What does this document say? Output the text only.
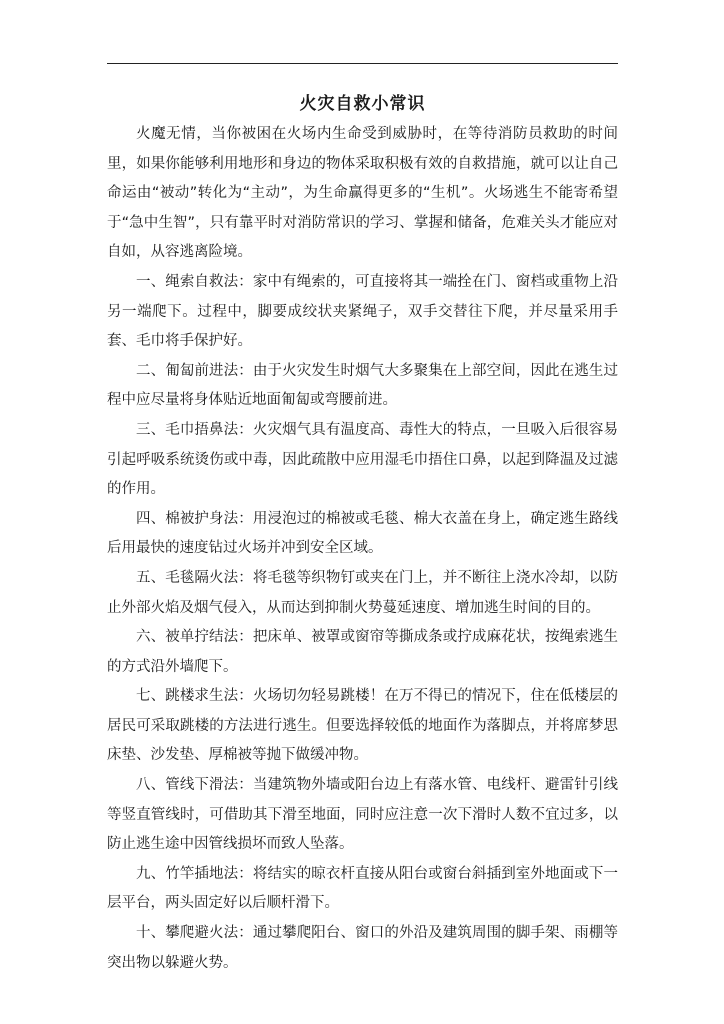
火灾自救小常识

火魔无情，当你被困在火场内生命受到威胁时，在等待消防员救助的时间里，如果你能够利用地形和身边的物体采取积极有效的自救措施，就可以让自己命运由“被动”转化为“主动”，为生命赢得更多的“生机”。火场逃生不能寄希望于“急中生智”，只有靠平时对消防常识的学习、掌握和储备，危难关头才能应对自如，从容逃离险境。

一、绳索自救法：家中有绳索的，可直接将其一端拴在门、窗档或重物上沿另一端爬下。过程中，脚要成绞状夹紧绳子，双手交替往下爬，并尽量采用手套、毛巾将手保护好。

二、匍匐前进法：由于火灾发生时烟气大多聚集在上部空间，因此在逃生过程中应尽量将身体贴近地面匍匐或弯腰前进。

三、毛巾捂鼻法：火灾烟气具有温度高、毒性大的特点，一旦吸入后很容易引起呼吸系统烫伤或中毒，因此疏散中应用湿毛巾捂住口鼻，以起到降温及过滤的作用。

四、棉被护身法：用浸泡过的棉被或毛毯、棉大衣盖在身上，确定逃生路线后用最快的速度钻过火场并冲到安全区域。

五、毛毯隔火法：将毛毯等织物钉或夹在门上，并不断往上浇水冷却，以防止外部火焰及烟气侵入，从而达到抑制火势蔓延速度、增加逃生时间的目的。

六、被单拧结法：把床单、被罩或窗帘等撕成条或拧成麻花状，按绳索逃生的方式沿外墙爬下。

七、跳楼求生法：火场切勿轻易跳楼！在万不得已的情况下，住在低楼层的居民可采取跳楼的方法进行逃生。但要选择较低的地面作为落脚点，并将席梦思床垫、沙发垫、厚棉被等抛下做缓冲物。

八、管线下滑法：当建筑物外墙或阳台边上有落水管、电线杆、避雷针引线等竖直管线时，可借助其下滑至地面，同时应注意一次下滑时人数不宜过多，以防止逃生途中因管线损坏而致人坠落。

九、竹竿插地法：将结实的晾衣杆直接从阳台或窗台斜插到室外地面或下一层平台，两头固定好以后顺杆滑下。

十、攀爬避火法：通过攀爬阳台、窗口的外沿及建筑周围的脚手架、雨棚等突出物以躲避火势。
